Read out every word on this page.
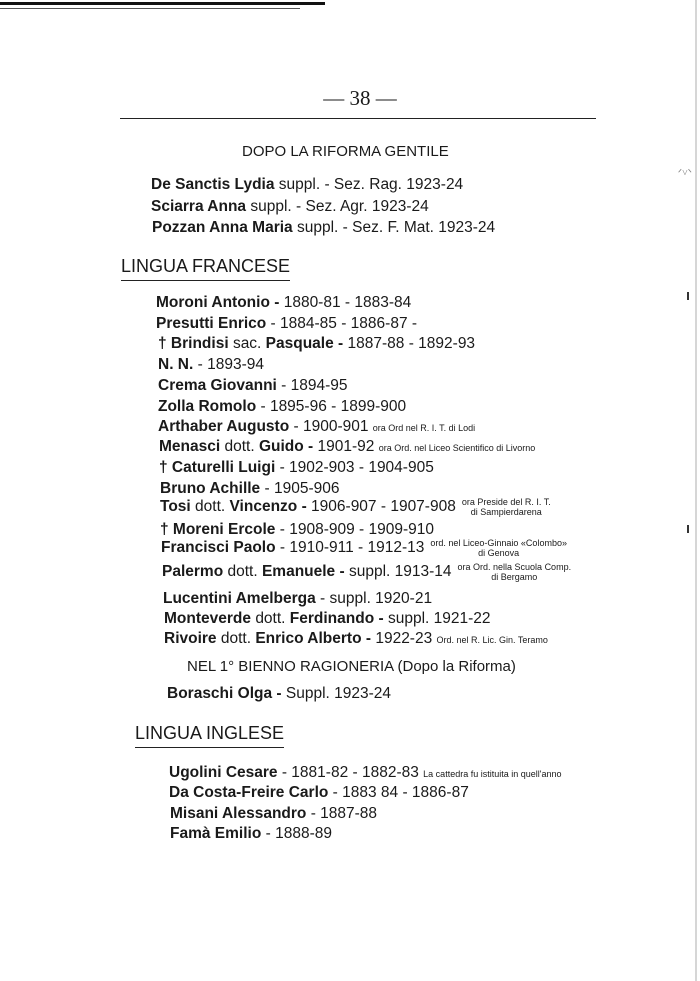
ᐟ˅ᐠ
— 38 —
DOPO LA RIFORMA GENTILE
De Sanctis Lydia suppl. - Sez. Rag. 1923-24
Sciarra Anna suppl. - Sez. Agr. 1923-24
Pozzan Anna Maria suppl. - Sez. F. Mat. 1923-24
LINGUA FRANCESE
Moroni Antonio - 1880-81 - 1883-84
Presutti Enrico - 1884-85 - 1886-87 -
† Brindisi sac. Pasquale - 1887-88 - 1892-93
N. N. - 1893-94
Crema Giovanni - 1894-95
Zolla Romolo - 1895-96 - 1899-900
Arthaber Augusto - 1900-901 ora Ord nel R. I. T. di Lodi
Menasci dott. Guido - 1901-92 ora Ord. nel Liceo Scientifico di Livorno
† Caturelli Luigi - 1902-903 - 1904-905
Bruno Achille - 1905-906
Tosi dott. Vincenzo - 1906-907 - 1907-908 ora Preside del R. I. T.
di Sampierdarena
† Moreni Ercole - 1908-909 - 1909-910
Francisci Paolo - 1910-911 - 1912-13 ord. nel Liceo-Ginnaio «Colombo»
di Genova
Palermo dott. Emanuele - suppl. 1913-14 ora Ord. nella Scuola Comp.
di Bergamo
Lucentini Amelberga - suppl. 1920-21
Monteverde dott. Ferdinando - suppl. 1921-22
Rivoire dott. Enrico Alberto - 1922-23 Ord. nel R. Lic. Gin. Teramo
NEL 1° BIENNO RAGIONERIA (Dopo la Riforma)
Boraschi Olga - Suppl. 1923-24
LINGUA INGLESE
Ugolini Cesare - 1881-82 - 1882-83 La cattedra fu istituita in quell'anno
Da Costa-Freire Carlo - 1883 84 - 1886-87
Misani Alessandro - 1887-88
Famà Emilio - 1888-89
